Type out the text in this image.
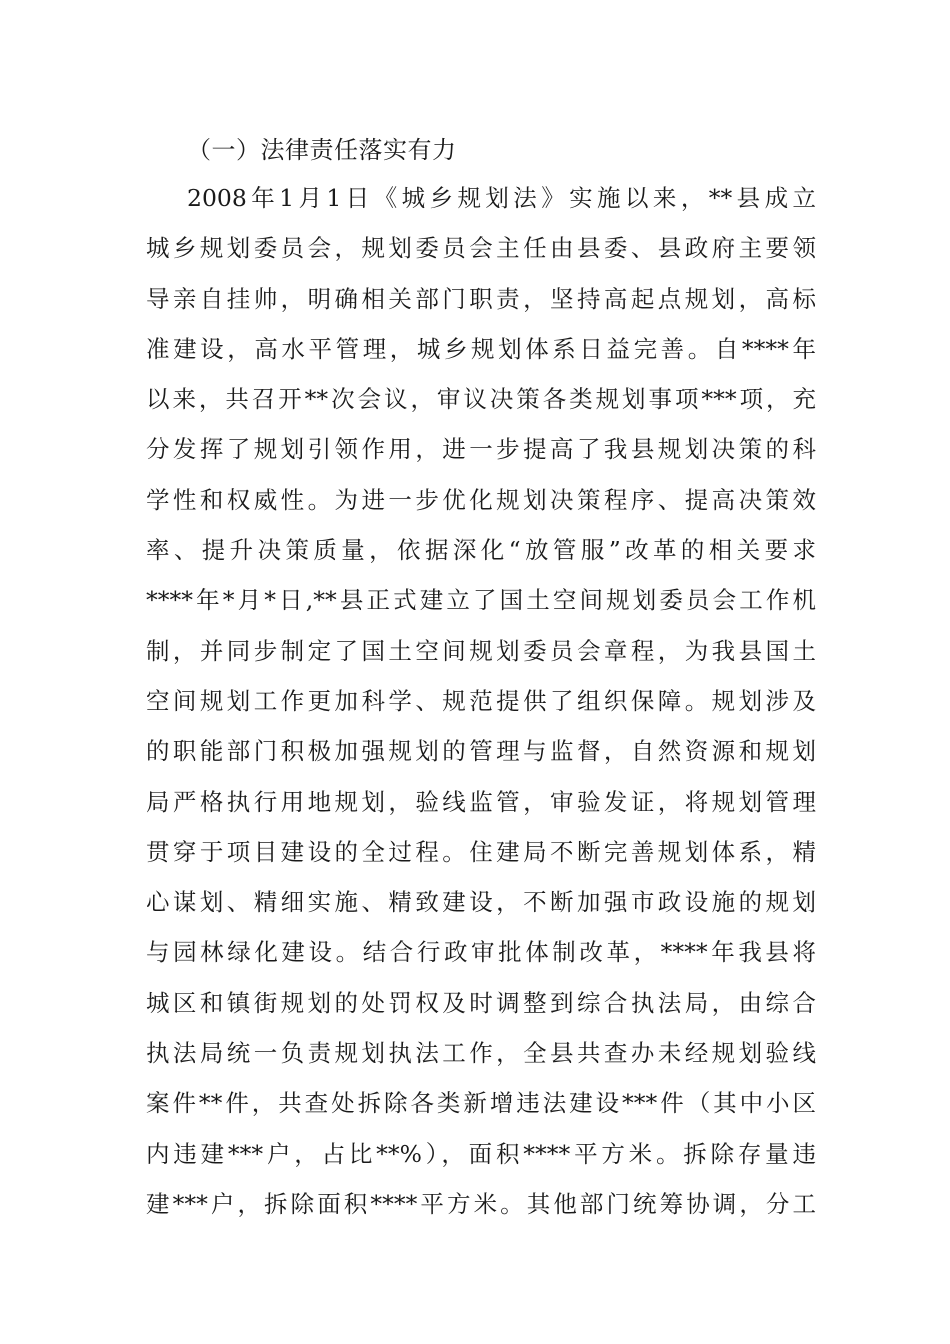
（一）法律责任落实有力
2008年1月1日《城乡规划法》实施以来，**县成立
城乡规划委员会，规划委员会主任由县委、县政府主要领
导亲自挂帅，明确相关部门职责，坚持高起点规划，高标
准建设，高水平管理，城乡规划体系日益完善。自****年
以来，共召开**次会议，审议决策各类规划事项***项，充
分发挥了规划引领作用，进一步提高了我县规划决策的科
学性和权威性。为进一步优化规划决策程序、提高决策效
率、提升决策质量，依据深化“放管服”改革的相关要求
****年*月*日,**县正式建立了国土空间规划委员会工作机
制，并同步制定了国土空间规划委员会章程，为我县国土
空间规划工作更加科学、规范提供了组织保障。规划涉及
的职能部门积极加强规划的管理与监督，自然资源和规划
局严格执行用地规划，验线监管，审验发证，将规划管理
贯穿于项目建设的全过程。住建局不断完善规划体系，精
心谋划、精细实施、精致建设，不断加强市政设施的规划
与园林绿化建设。结合行政审批体制改革，****年我县将
城区和镇街规划的处罚权及时调整到综合执法局，由综合
执法局统一负责规划执法工作，全县共查办未经规划验线
案件**件，共查处拆除各类新增违法建设***件（其中小区
内违建***户，占比**%），面积****平方米。拆除存量违
建***户，拆除面积****平方米。其他部门统筹协调，分工
